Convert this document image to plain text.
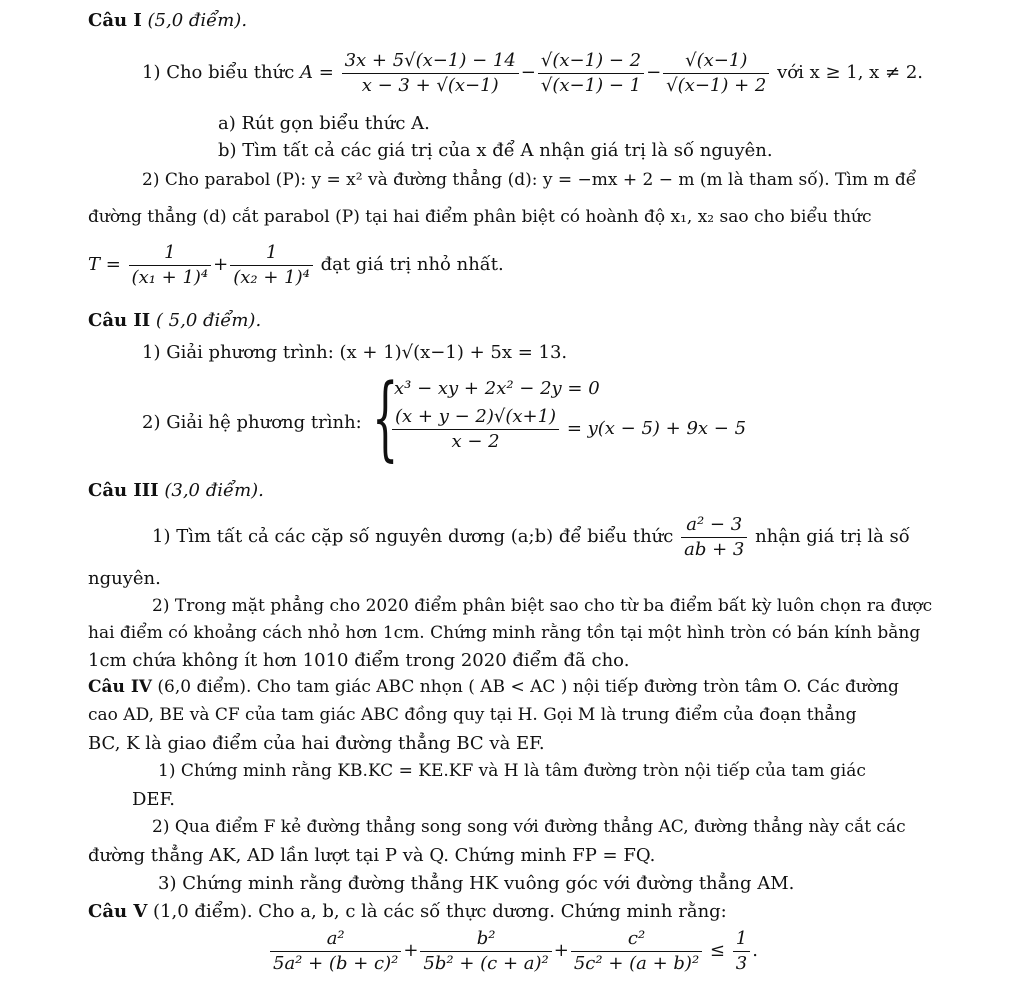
Câu I (5,0 điểm).
1) Cho biểu thức $A = \frac{3x + 5√(x-1) - 14}{x - 3 + √(x-1)} - \frac{√(x-1) - 2}{√(x-1) - 1} - \frac{√(x-1)}{√(x-1) + 2}$ với x ≥ 1, x ≠ 2.
a) Rút gọn biểu thức A.
b) Tìm tất cả các giá trị của x để A nhận giá trị là số nguyên.
2) Cho parabol (P): y = x² và đường thẳng (d): y = −mx + 2 − m (m là tham số). Tìm m để
đường thẳng (d) cắt parabol (P) tại hai điểm phân biệt có hoành độ x₁, x₂ sao cho biểu thức
$T = \frac{1}{\text{(x₁ + 1)⁴}} + \frac{1}{\text{(x₂ + 1)⁴}}$ đạt giá trị nhỏ nhất.
Câu II ( 5,0 điểm).
1) Giải phương trình: (x + 1)√(x−1) + 5x = 13.
2) Giải hệ phương trình: {
x³ − xy + 2x² − 2y = 0
$\frac{(x + y - 2)√(x+1)}{x - 2} = y(x - 5) + 9x - 5$
Câu III (3,0 điểm).
1) Tìm tất cả các cặp số nguyên dương (a;b) để biểu thức $\frac{\text{a² − 3}}{ab + 3}$ nhận giá trị là số
nguyên.
2) Trong mặt phẳng cho 2020 điểm phân biệt sao cho từ ba điểm bất kỳ luôn chọn ra được
hai điểm có khoảng cách nhỏ hơn 1cm. Chứng minh rằng tồn tại một hình tròn có bán kính bằng
1cm chứa không ít hơn 1010 điểm trong 2020 điểm đã cho.
Câu IV (6,0 điểm). Cho tam giác ABC nhọn ( AB < AC ) nội tiếp đường tròn tâm O. Các đường
cao AD, BE và CF của tam giác ABC đồng quy tại H. Gọi M là trung điểm của đoạn thẳng
BC, K là giao điểm của hai đường thẳng BC và EF.
1) Chứng minh rằng KB.KC = KE.KF và H là tâm đường tròn nội tiếp của tam giác
DEF.
2) Qua điểm F kẻ đường thẳng song song với đường thẳng AC, đường thẳng này cắt các
đường thẳng AK, AD lần lượt tại P và Q. Chứng minh FP = FQ.
3) Chứng minh rằng đường thẳng HK vuông góc với đường thẳng AM.
Câu V (1,0 điểm). Cho a, b, c là các số thực dương. Chứng minh rằng:
$\frac{\text{a²}}{\text{5a² + (b + c)²}} + \frac{\text{b²}}{\text{5b² + (c + a)²}} + \frac{\text{c²}}{\text{5c² + (a + b)²}} \le \frac{1}{3}$ .
